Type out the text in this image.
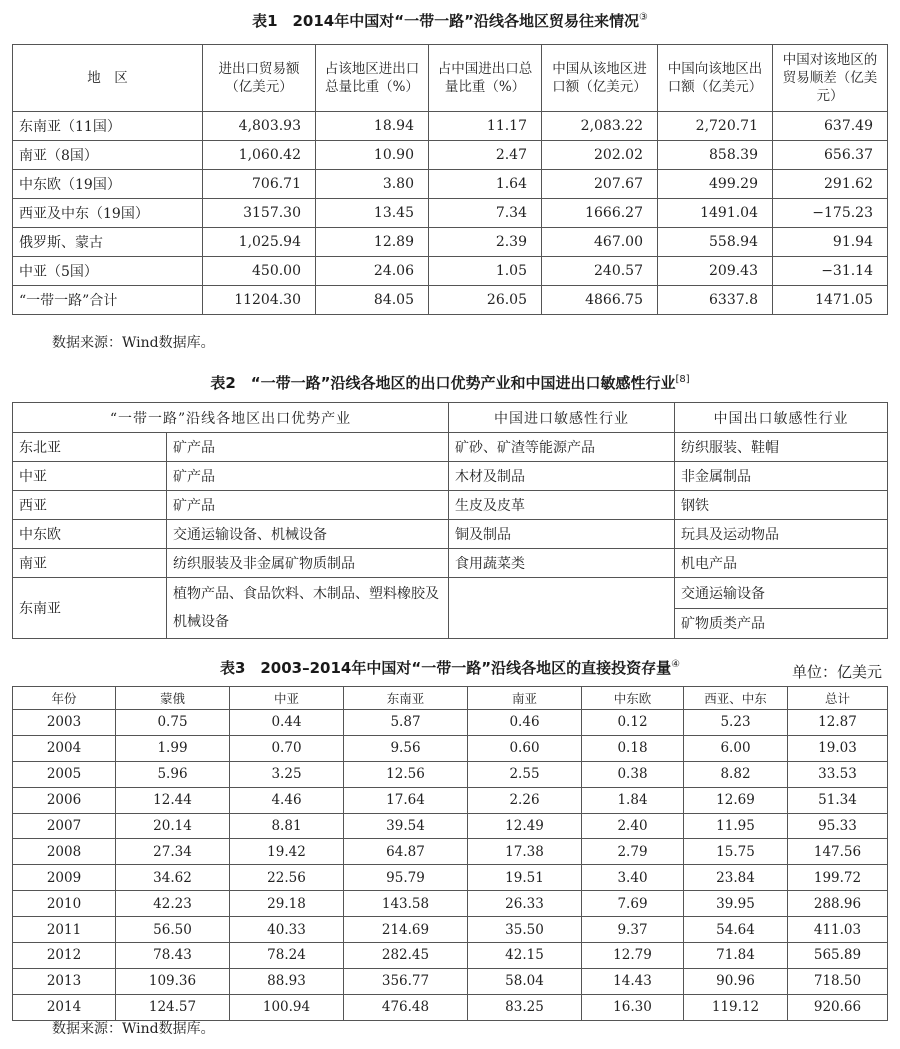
表1　2014年中国对“一带一路”沿线各地区贸易往来情况③
地　区	进出口贸易额（亿美元）	占该地区进出口总量比重（%）	占中国进出口总量比重（%）	中国从该地区进口额（亿美元）	中国向该地区出口额（亿美元）	中国对该地区的贸易顺差（亿美元）
东南亚（11国）	4,803.93	18.94	11.17	2,083.22	2,720.71	637.49
南亚（8国）	1,060.42	10.90	2.47	202.02	858.39	656.37
中东欧（19国）	706.71	3.80	1.64	207.67	499.29	291.62
西亚及中东（19国）	3157.30	13.45	7.34	1666.27	1491.04	−175.23
俄罗斯、蒙古	1,025.94	12.89	2.39	467.00	558.94	91.94
中亚（5国）	450.00	24.06	1.05	240.57	209.43	−31.14
“一带一路”合计	11204.30	84.05	26.05	4866.75	6337.8	1471.05
数据来源：Wind数据库。
表2　“一带一路”沿线各地区的出口优势产业和中国进出口敏感性行业[8]
“一带一路”沿线各地区出口优势产业		中国进口敏感性行业	中国出口敏感性行业
东北亚	矿产品	矿砂、矿渣等能源产品	纺织服装、鞋帽
中亚	矿产品	木材及制品	非金属制品
西亚	矿产品	生皮及皮革	钢铁
中东欧	交通运输设备、机械设备	铜及制品	玩具及运动物品
南亚	纺织服装及非金属矿物质制品	食用蔬菜类	机电产品
东南亚	植物产品、食品饮料、木制品、塑料橡胶及机械设备		交通运输设备
			矿物质类产品
表3　2003–2014年中国对“一带一路”沿线各地区的直接投资存量④	单位：亿美元
年份	蒙俄	中亚	东南亚	南亚	中东欧	西亚、中东	总计
2003	0.75	0.44	5.87	0.46	0.12	5.23	12.87
2004	1.99	0.70	9.56	0.60	0.18	6.00	19.03
2005	5.96	3.25	12.56	2.55	0.38	8.82	33.53
2006	12.44	4.46	17.64	2.26	1.84	12.69	51.34
2007	20.14	8.81	39.54	12.49	2.40	11.95	95.33
2008	27.34	19.42	64.87	17.38	2.79	15.75	147.56
2009	34.62	22.56	95.79	19.51	3.40	23.84	199.72
2010	42.23	29.18	143.58	26.33	7.69	39.95	288.96
2011	56.50	40.33	214.69	35.50	9.37	54.64	411.03
2012	78.43	78.24	282.45	42.15	12.79	71.84	565.89
2013	109.36	88.93	356.77	58.04	14.43	90.96	718.50
2014	124.57	100.94	476.48	83.25	16.30	119.12	920.66
数据来源：Wind数据库。
